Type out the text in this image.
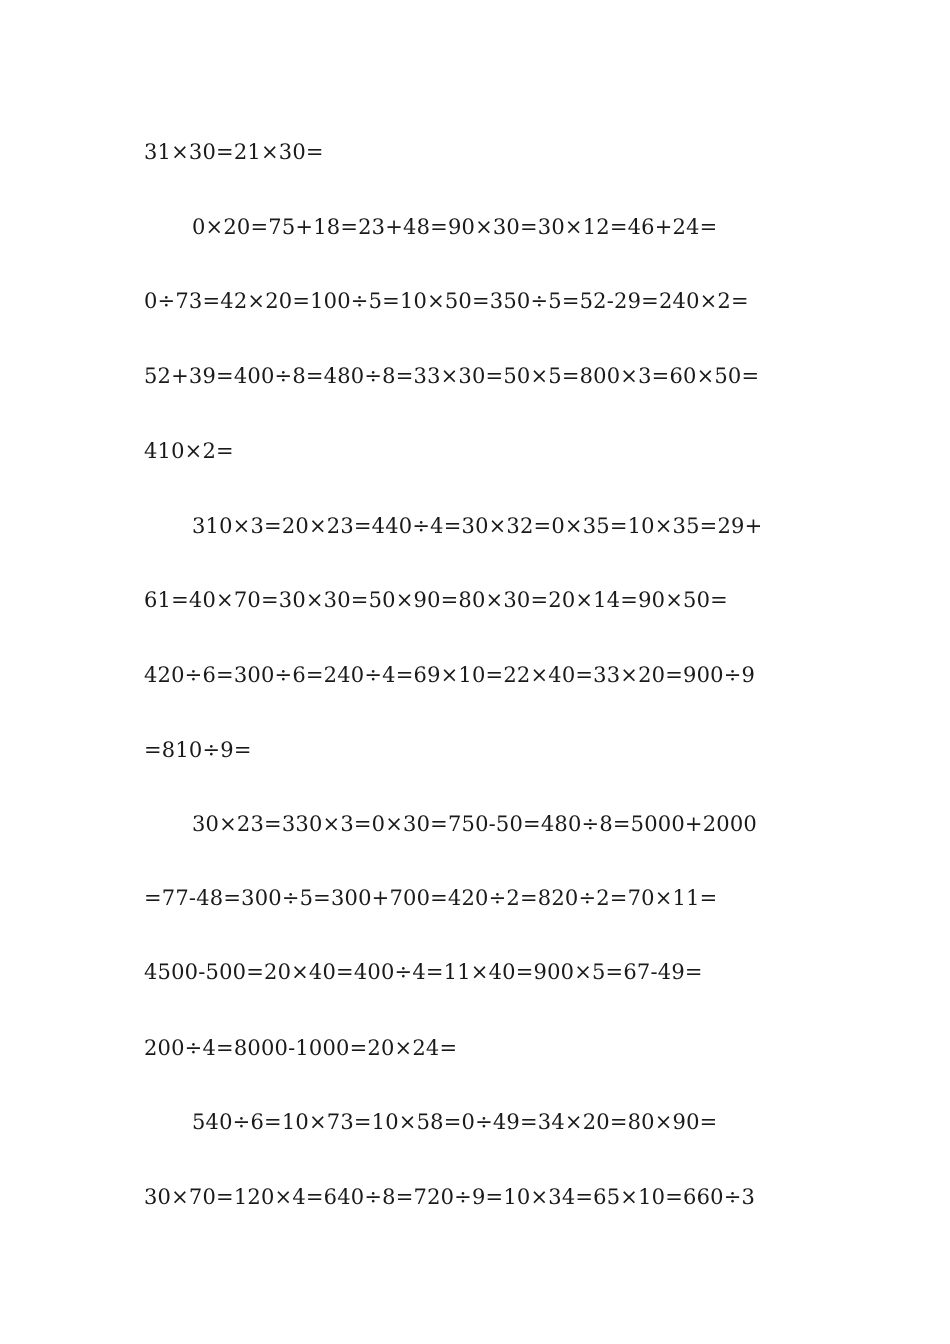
31×30=21×30=
0×20=75+18=23+48=90×30=30×12=46+24=
0÷73=42×20=100÷5=10×50=350÷5=52-29=240×2=
52+39=400÷8=480÷8=33×30=50×5=800×3=60×50=
410×2=
310×3=20×23=440÷4=30×32=0×35=10×35=29+
61=40×70=30×30=50×90=80×30=20×14=90×50=
420÷6=300÷6=240÷4=69×10=22×40=33×20=900÷9
=810÷9=
30×23=330×3=0×30=750-50=480÷8=5000+2000
=77-48=300÷5=300+700=420÷2=820÷2=70×11=
4500-500=20×40=400÷4=11×40=900×5=67-49=
200÷4=8000-1000=20×24=
540÷6=10×73=10×58=0÷49=34×20=80×90=
30×70=120×4=640÷8=720÷9=10×34=65×10=660÷3
